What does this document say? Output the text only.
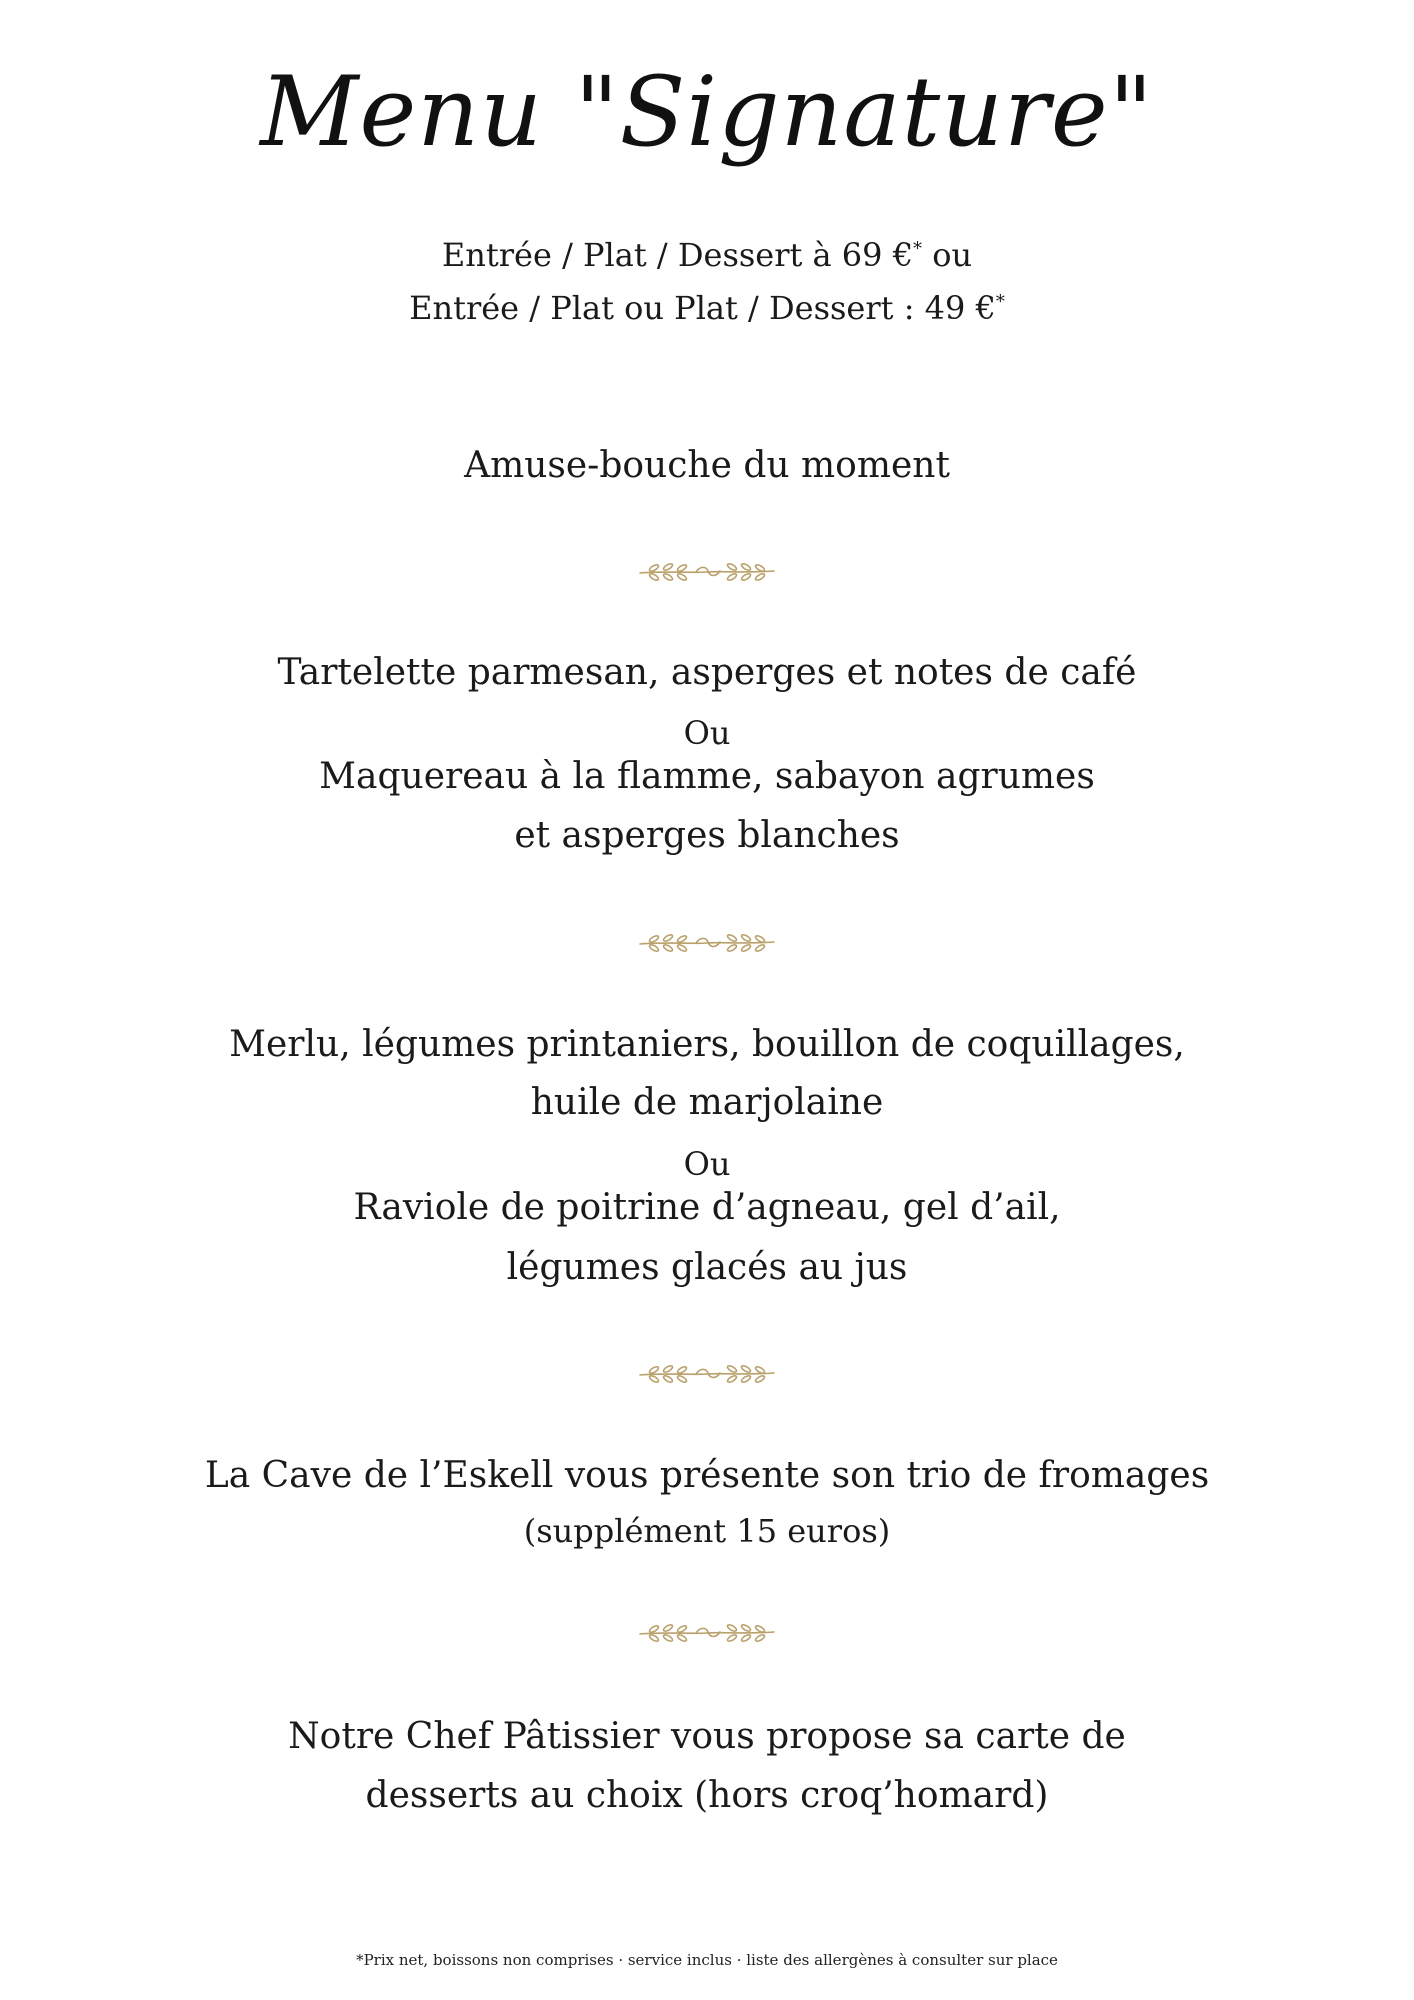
Menu "Signature"
Entrée / Plat / Dessert à 69 €* ou
Entrée / Plat ou Plat / Dessert : 49 €*
Amuse-bouche du moment
Tartelette parmesan, asperges et notes de café
Ou
Maquereau à la flamme, sabayon agrumes
et asperges blanches
Merlu, légumes printaniers, bouillon de coquillages,
huile de marjolaine
Ou
Raviole de poitrine d’agneau, gel d’ail,
légumes glacés au jus
La Cave de l’Eskell vous présente son trio de fromages
(supplément 15 euros)
Notre Chef Pâtissier vous propose sa carte de
desserts au choix (hors croq’homard)
*Prix net, boissons non comprises · service inclus · liste des allergènes à consulter sur place
